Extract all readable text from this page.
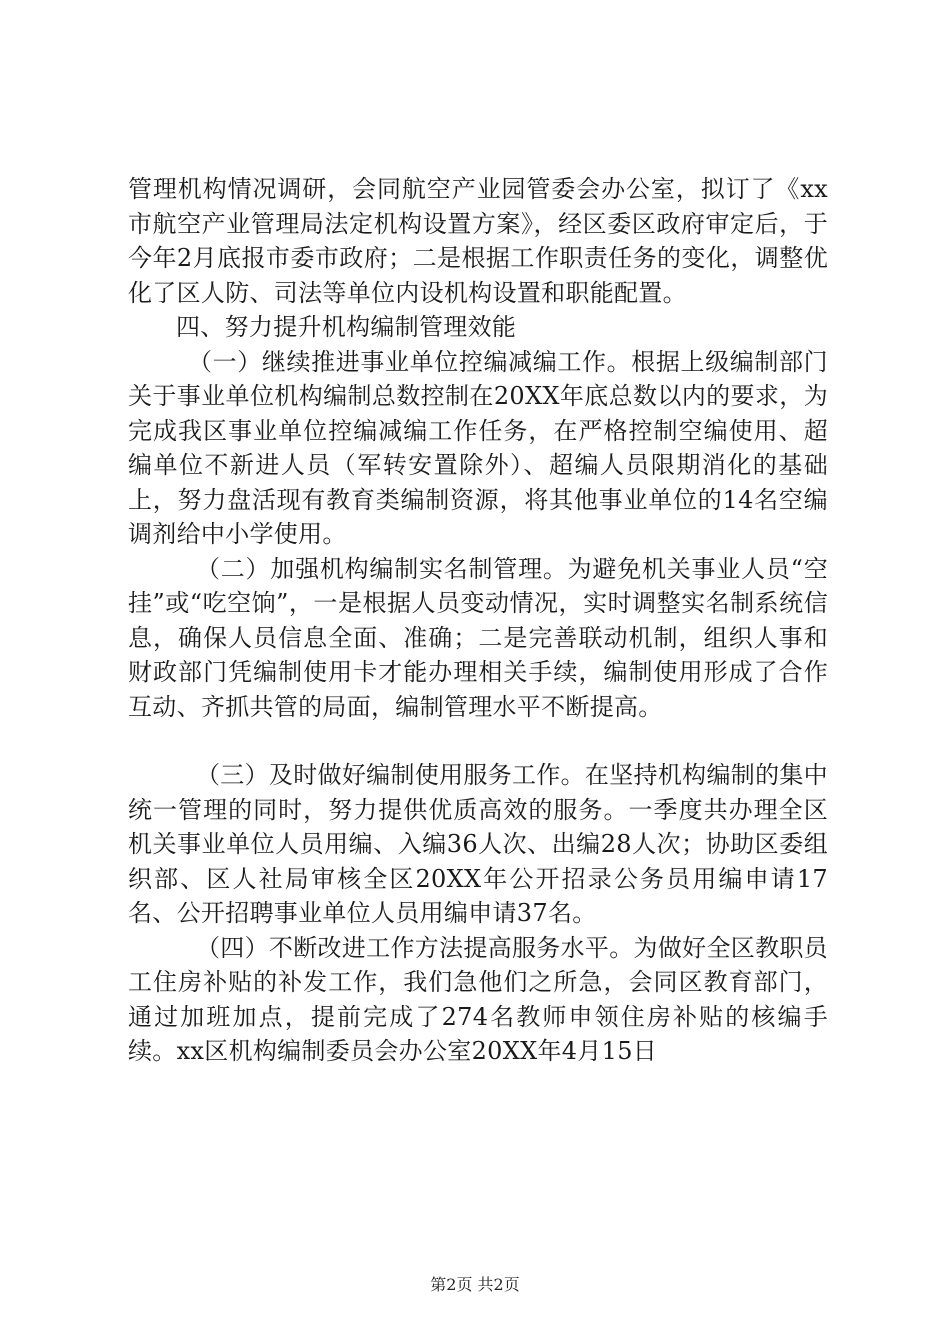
管理机构情况调研，会同航空产业园管委会办公室，拟订了《xx市航空产业管理局法定机构设置方案》，经区委区政府审定后，于今年2月底报市委市政府；二是根据工作职责任务的变化，调整优化了区人防、司法等单位内设机构设置和职能配置。

四、努力提升机构编制管理效能

（一）继续推进事业单位控编减编工作。根据上级编制部门关于事业单位机构编制总数控制在20XX年底总数以内的要求，为完成我区事业单位控编减编工作任务，在严格控制空编使用、超编单位不新进人员（军转安置除外）、超编人员限期消化的基础上，努力盘活现有教育类编制资源，将其他事业单位的14名空编调剂给中小学使用。

（二）加强机构编制实名制管理。为避免机关事业人员“空挂”或“吃空饷”，一是根据人员变动情况，实时调整实名制系统信息，确保人员信息全面、准确；二是完善联动机制，组织人事和财政部门凭编制使用卡才能办理相关手续，编制使用形成了合作互动、齐抓共管的局面，编制管理水平不断提高。

（三）及时做好编制使用服务工作。在坚持机构编制的集中统一管理的同时，努力提供优质高效的服务。一季度共办理全区机关事业单位人员用编、入编36人次、出编28人次；协助区委组织部、区人社局审核全区20XX年公开招录公务员用编申请17名、公开招聘事业单位人员用编申请37名。

（四）不断改进工作方法提高服务水平。为做好全区教职员工住房补贴的补发工作，我们急他们之所急，会同区教育部门，通过加班加点，提前完成了274名教师申领住房补贴的核编手续。xx区机构编制委员会办公室20XX年4月15日

第2页 共2页
